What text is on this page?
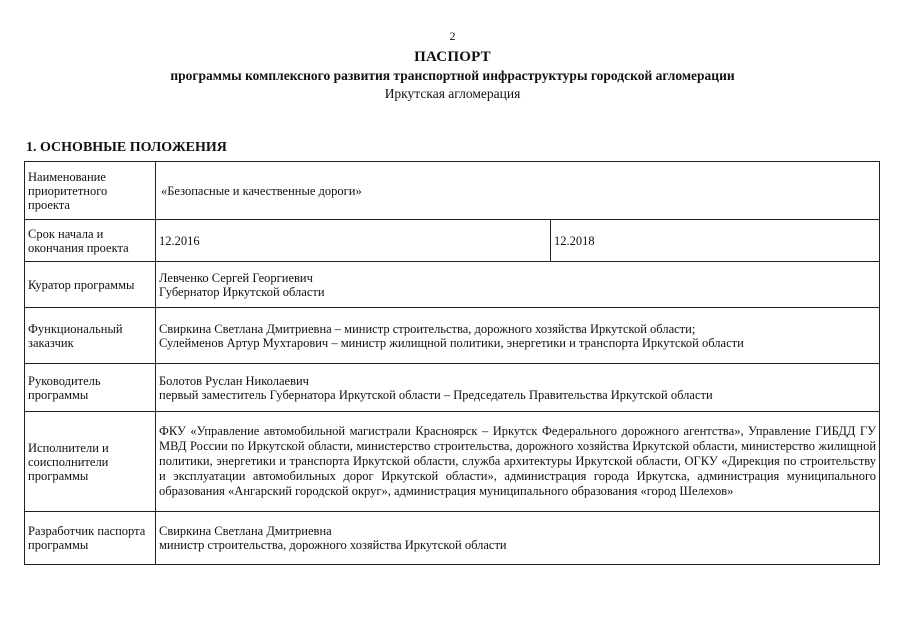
2
ПАСПОРТ
программы комплексного развития транспортной инфраструктуры городской агломерации
Иркутская агломерация
1. ОСНОВНЫЕ ПОЛОЖЕНИЯ
Наименование приоритетного проекта	«Безопасные и качественные дороги»	
Срок начала и окончания проекта	12.2016	12.2018
Куратор программы	Левченко Сергей Георгиевич
Губернатор Иркутской области	

Функциональный заказчик	Свиркина Светлана Дмитриевна – министр строительства, дорожного хозяйства Иркутской области;
Сулейменов Артур Мухтарович – министр жилищной политики, энергетики и транспорта Иркутской области	

Руководитель программы	Болотов Руслан Николаевич
первый заместитель Губернатора Иркутской области – Председатель Правительства Иркутской области	

Исполнители и соисполнители программы	ФКУ «Управление автомобильной магистрали Красноярск – Иркутск Федерального дорожного агентства», Управление ГИБДД ГУ МВД России по Иркутской области, министерство строительства, дорожного хозяйства Иркутской области, министерство жилищной политики, энергетики и транспорта Иркутской области, служба архитектуры Иркутской области, ОГКУ «Дирекция по строительству и эксплуатации автомобильных дорог Иркутской области», администрация города Иркутска, администрация муниципального образования «Ангарский городской округ», администрация муниципального образования «город Шелехов»	
Разработчик паспорта программы	Свиркина Светлана Дмитриевна
министр строительства, дорожного хозяйства Иркутской области	
